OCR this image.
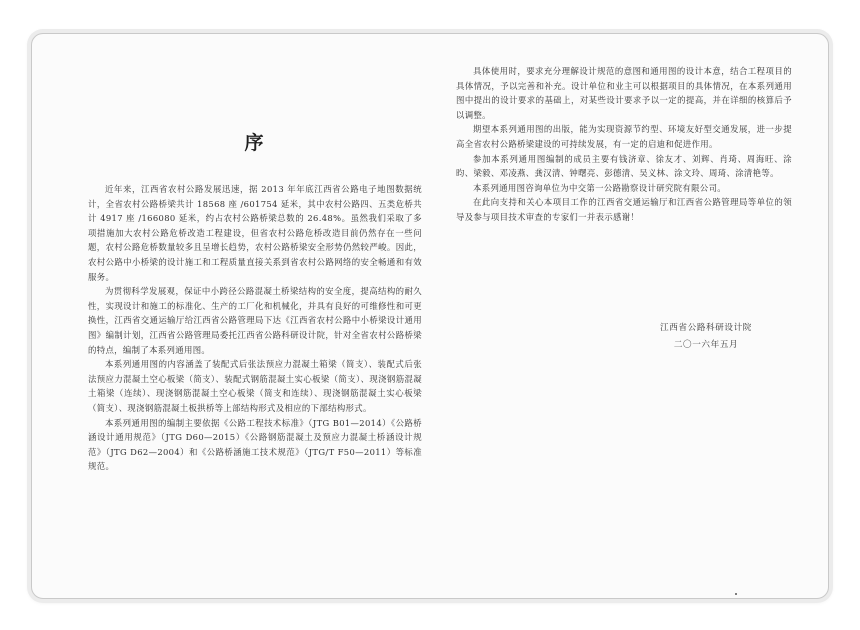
序

近年来，江西省农村公路发展迅速，据 2013 年年底江西省公路电子地图数据统计，全省农村公路桥梁共计 18568 座 /601754 延米，其中农村公路四、五类危桥共计 4917 座 /166080 延米，约占农村公路桥梁总数的 26.48%。虽然我们采取了多项措施加大农村公路危桥改造工程建设，但省农村公路危桥改造目前仍然存在一些问题，农村公路危桥数量较多且呈增长趋势，农村公路桥梁安全形势仍然较严峻。因此，农村公路中小桥梁的设计施工和工程质量直接关系到省农村公路网络的安全畅通和有效服务。

为贯彻科学发展观，保证中小跨径公路混凝土桥梁结构的安全度，提高结构的耐久性，实现设计和施工的标准化、生产的工厂化和机械化，并具有良好的可维修性和可更换性，江西省交通运输厅给江西省公路管理局下达《江西省农村公路中小桥梁设计通用图》编制计划，江西省公路管理局委托江西省公路科研设计院，针对全省农村公路桥梁的特点，编制了本系列通用图。

本系列通用图的内容涵盖了装配式后张法预应力混凝土箱梁（简支）、装配式后张法预应力混凝土空心板梁（简支）、装配式钢筋混凝土实心板梁（简支）、现浇钢筋混凝土箱梁（连续）、现浇钢筋混凝土空心板梁（简支和连续）、现浇钢筋混凝土实心板梁（简支）、现浇钢筋混凝土板拱桥等上部结构形式及相应的下部结构形式。

本系列通用图的编制主要依据《公路工程技术标准》（JTG B01—2014）《公路桥涵设计通用规范》（JTG D60—2015）《公路钢筋混凝土及预应力混凝土桥涵设计规范》（JTG D62—2004）和《公路桥涵施工技术规范》（JTG/T F50—2011）等标准规范。

具体使用时，要求充分理解设计规范的意图和通用图的设计本意，结合工程项目的具体情况，予以完善和补充。设计单位和业主可以根据项目的具体情况，在本系列通用图中提出的设计要求的基础上，对某些设计要求予以一定的提高，并在详细的核算后予以调整。

期望本系列通用图的出版，能为实现资源节约型、环境友好型交通发展，进一步提高全省农村公路桥梁建设的可持续发展，有一定的启迪和促进作用。

参加本系列通用图编制的成员主要有钱济章、徐友才、刘辉、肖琦、周海旺、涂昀、梁毅、邓凌燕、龚汉清、钟曙亮、彭德清、吴义林、涂文玲、周琦、涂清艳等。

本系列通用图咨询单位为中交第一公路勘察设计研究院有限公司。

在此向支持和关心本项目工作的江西省交通运输厅和江西省公路管理局等单位的领导及参与项目技术审查的专家们一并表示感谢！

江西省公路科研设计院
二〇一六年五月
